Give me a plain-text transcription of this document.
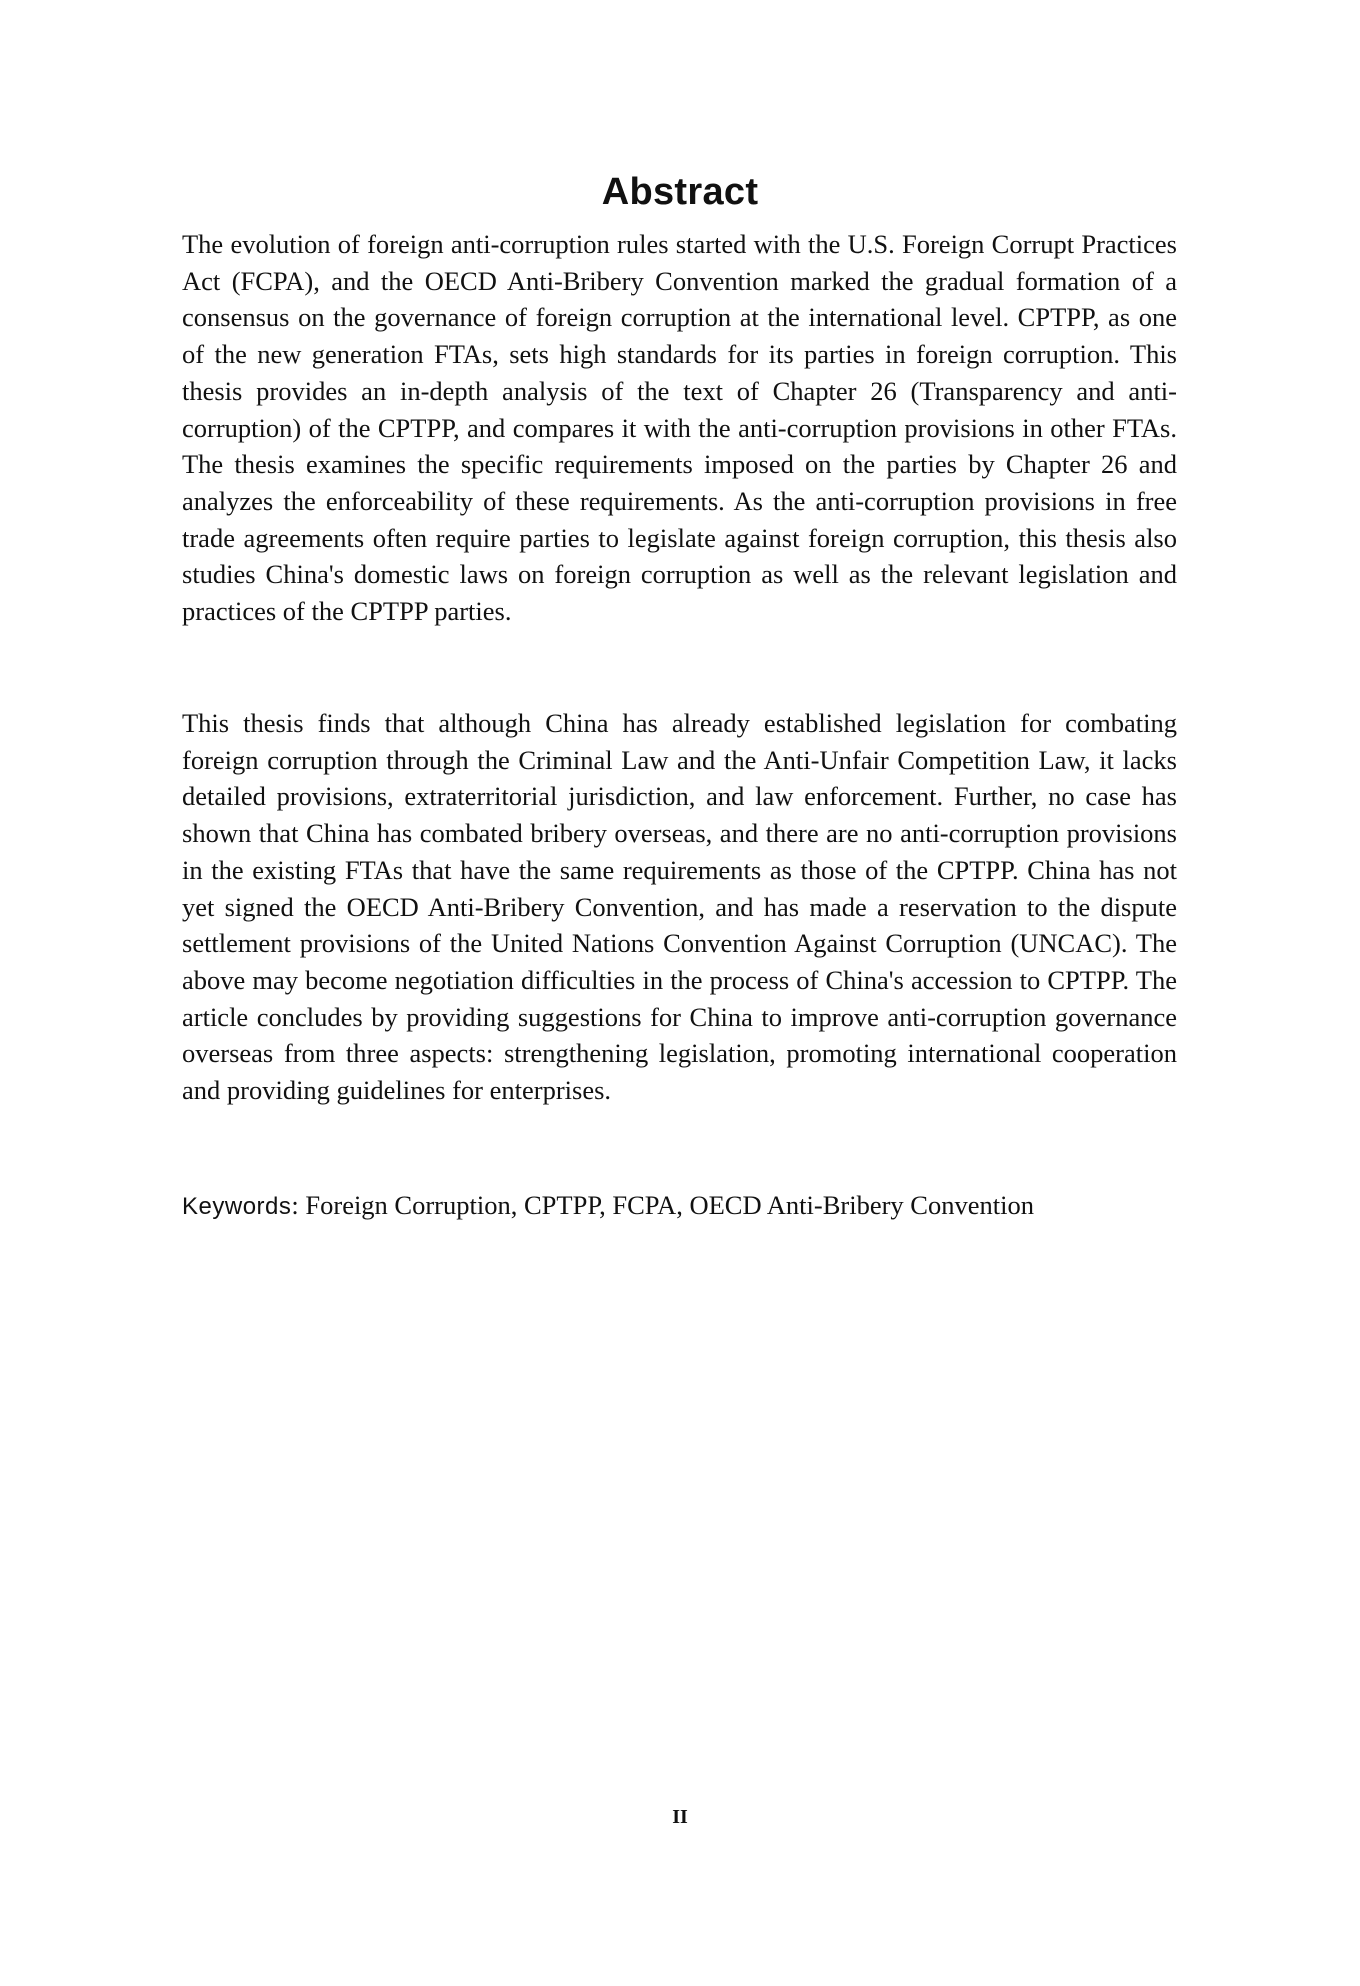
Abstract

The evolution of foreign anti-corruption rules started with the U.S. Foreign Corrupt Practices Act (FCPA), and the OECD Anti-Bribery Convention marked the gradual formation of a consensus on the governance of foreign corruption at the international level. CPTPP, as one of the new generation FTAs, sets high standards for its parties in foreign corruption. This thesis provides an in-depth analysis of the text of Chapter 26 (Transparency and anti-corruption) of the CPTPP, and compares it with the anti-corruption provisions in other FTAs. The thesis examines the specific requirements imposed on the parties by Chapter 26 and analyzes the enforceability of these requirements. As the anti-corruption provisions in free trade agreements often require parties to legislate against foreign corruption, this thesis also studies China's domestic laws on foreign corruption as well as the relevant legislation and practices of the CPTPP parties.

This thesis finds that although China has already established legislation for combating foreign corruption through the Criminal Law and the Anti-Unfair Competition Law, it lacks detailed provisions, extraterritorial jurisdiction, and law enforcement. Further, no case has shown that China has combated bribery overseas, and there are no anti-corruption provisions in the existing FTAs that have the same requirements as those of the CPTPP. China has not yet signed the OECD Anti-Bribery Convention, and has made a reservation to the dispute settlement provisions of the United Nations Convention Against Corruption (UNCAC). The above may become negotiation difficulties in the process of China's accession to CPTPP. The article concludes by providing suggestions for China to improve anti-corruption governance overseas from three aspects: strengthening legislation, promoting international cooperation and providing guidelines for enterprises.

Keywords: Foreign Corruption, CPTPP, FCPA, OECD Anti-Bribery Convention
II
